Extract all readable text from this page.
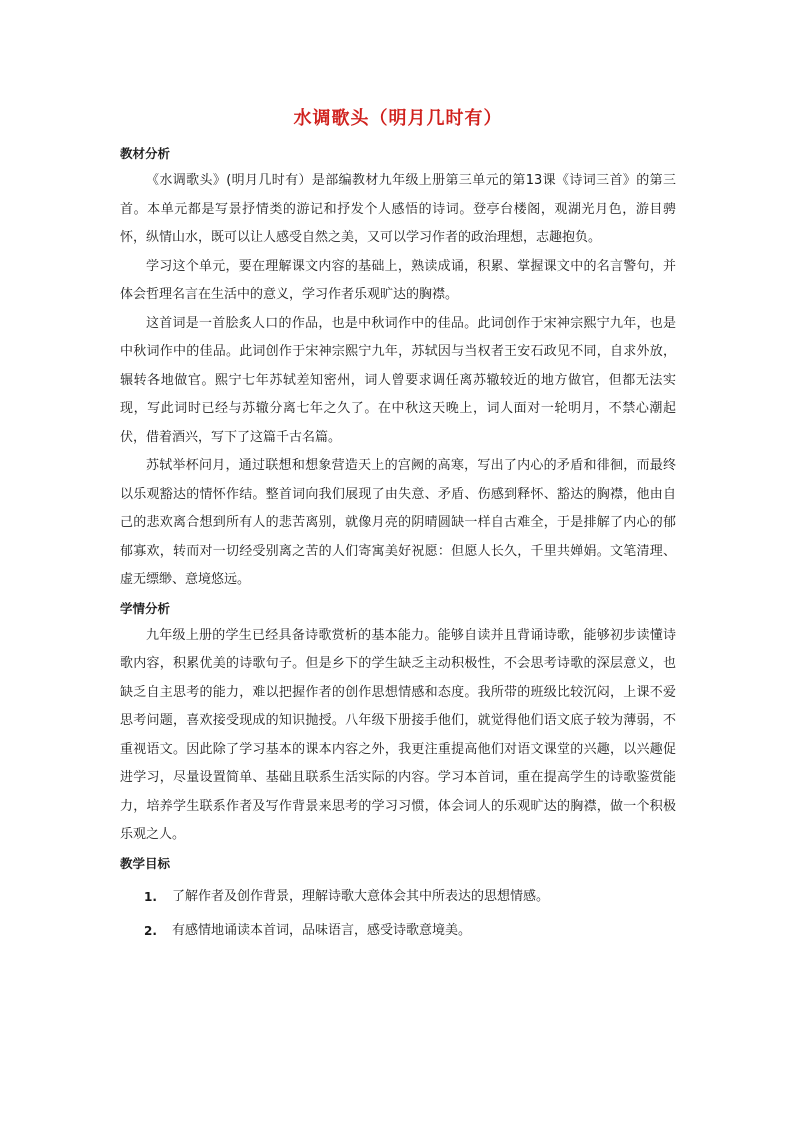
水调歌头（明月几时有）
教材分析

《水调歌头》(明月几时有）是部编教材九年级上册第三单元的第13课《诗词三首》的第三首。本单元都是写景抒情类的游记和抒发个人感悟的诗词。登亭台楼阁，观湖光月色，游目骋怀，纵情山水，既可以让人感受自然之美，又可以学习作者的政治理想，志趣抱负。

学习这个单元，要在理解课文内容的基础上，熟读成诵，积累、掌握课文中的名言警句，并体会哲理名言在生活中的意义，学习作者乐观旷达的胸襟。

这首词是一首脍炙人口的作品，也是中秋词作中的佳品。此词创作于宋神宗熙宁九年，也是中秋词作中的佳品。此词创作于宋神宗熙宁九年，苏轼因与当权者王安石政见不同，自求外放，辗转各地做官。熙宁七年苏轼差知密州，词人曾要求调任离苏辙较近的地方做官，但都无法实现，写此词时已经与苏辙分离七年之久了。在中秋这天晚上，词人面对一轮明月，不禁心潮起伏，借着酒兴，写下了这篇千古名篇。

苏轼举杯问月，通过联想和想象营造天上的宫阙的高寒，写出了内心的矛盾和徘徊，而最终以乐观豁达的情怀作结。整首词向我们展现了由失意、矛盾、伤感到释怀、豁达的胸襟，他由自己的悲欢离合想到所有人的悲苦离别，就像月亮的阴晴圆缺一样自古难全，于是排解了内心的郁郁寡欢，转而对一切经受别离之苦的人们寄寓美好祝愿：但愿人长久，千里共婵娟。文笔清理、虚无缥缈、意境悠远。

学情分析

九年级上册的学生已经具备诗歌赏析的基本能力。能够自读并且背诵诗歌，能够初步读懂诗歌内容，积累优美的诗歌句子。但是乡下的学生缺乏主动积极性，不会思考诗歌的深层意义，也缺乏自主思考的能力，难以把握作者的创作思想情感和态度。我所带的班级比较沉闷，上课不爱思考问题，喜欢接受现成的知识抛授。八年级下册接手他们，就觉得他们语文底子较为薄弱，不重视语文。因此除了学习基本的课本内容之外，我更注重提高他们对语文课堂的兴趣，以兴趣促进学习，尽量设置简单、基础且联系生活实际的内容。学习本首词，重在提高学生的诗歌鉴赏能力，培养学生联系作者及写作背景来思考的学习习惯，体会词人的乐观旷达的胸襟，做一个积极乐观之人。

教学目标
1.	了解作者及创作背景，理解诗歌大意体会其中所表达的思想情感。
2.	有感情地诵读本首词，品味语言，感受诗歌意境美。
